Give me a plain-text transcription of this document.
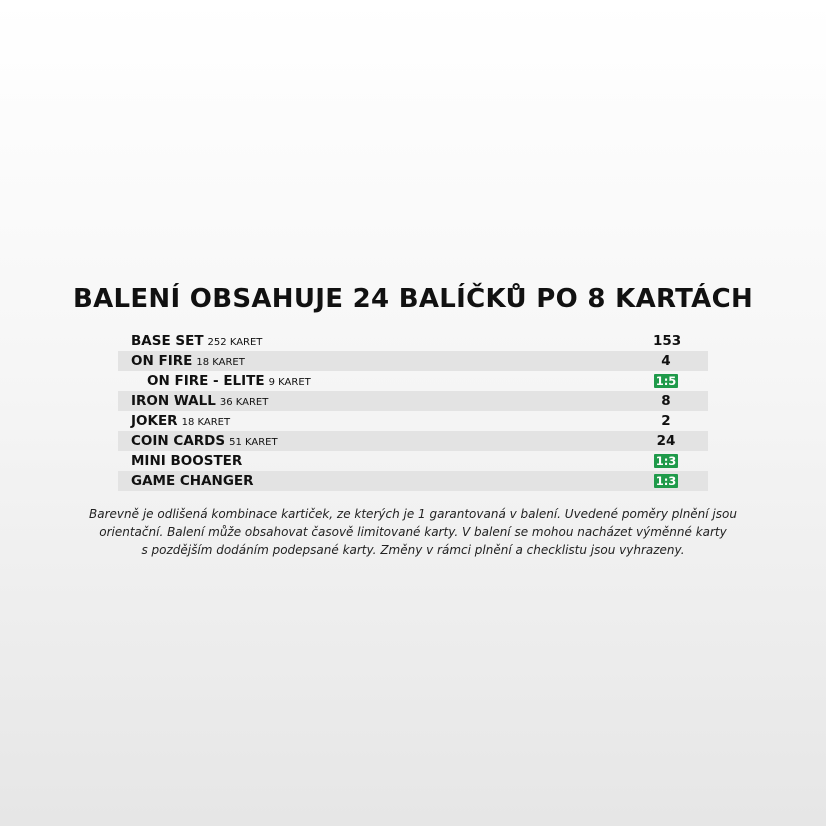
BALENÍ OBSAHUJE 24 BALÍČKŮ PO 8 KARTÁCH
BASE SET 252 KARET	153
ON FIRE 18 KARET	4
ON FIRE - ELITE 9 KARET	1:5
IRON WALL 36 KARET	8
JOKER 18 KARET	2
COIN CARDS 51 KARET	24
MINI BOOSTER	1:3
GAME CHANGER	1:3
Barevně je odlišená kombinace kartiček, ze kterých je 1 garantovaná v balení. Uvedené poměry plnění jsou
orientační. Balení může obsahovat časově limitované karty. V balení se mohou nacházet výměnné karty
s pozdějším dodáním podepsané karty. Změny v rámci plnění a checklistu jsou vyhrazeny.
